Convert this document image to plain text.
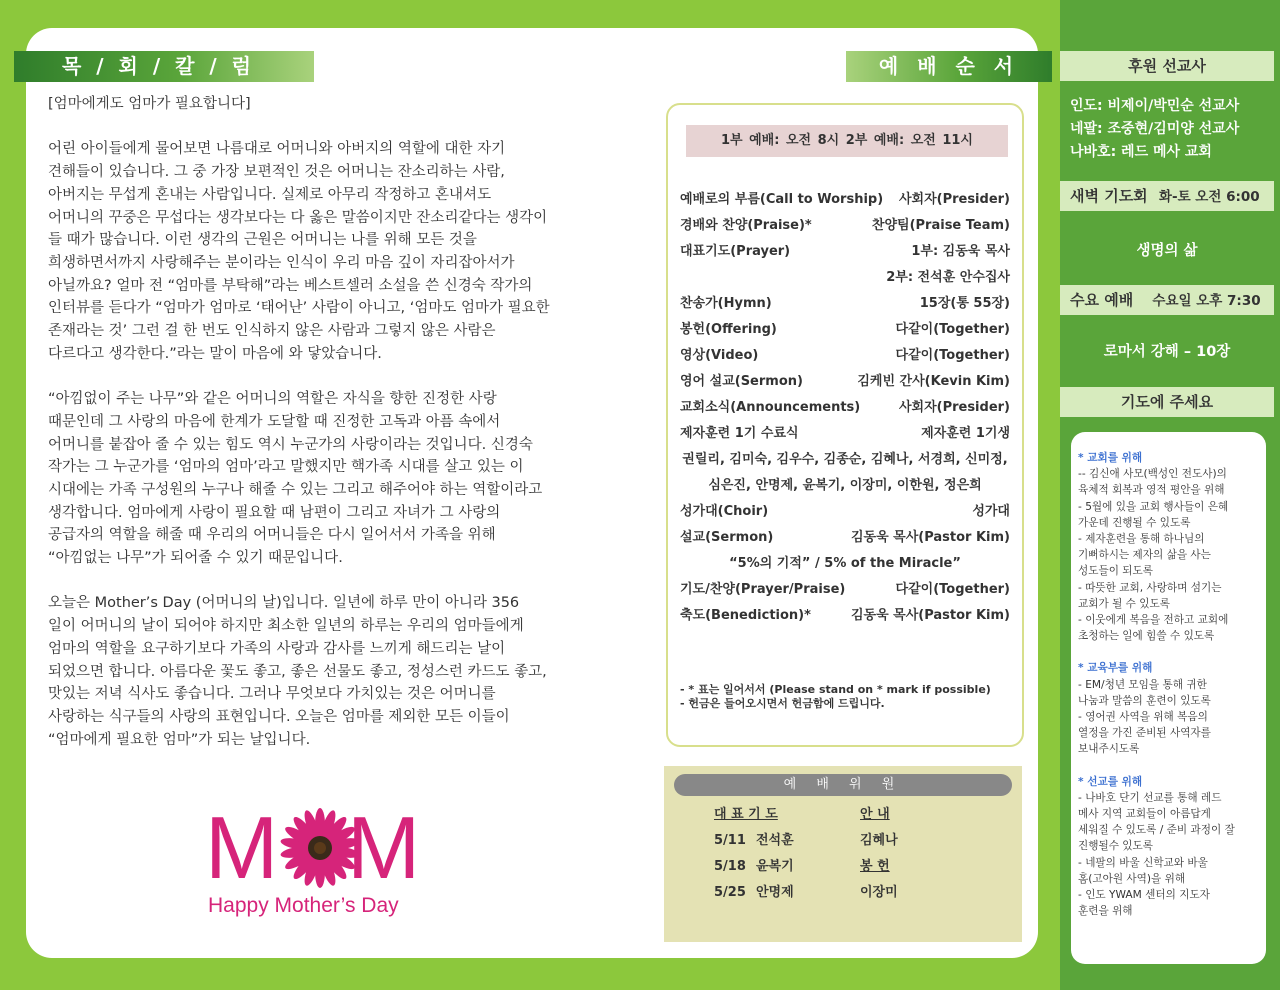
목 / 회 / 칼 / 럼

[엄마에게도 엄마가 필요합니다]

어린 아이들에게 물어보면 나름대로 어머니와 아버지의 역할에 대한 자기
견해들이 있습니다. 그 중 가장 보편적인 것은 어머니는 잔소리하는 사람,
아버지는 무섭게 혼내는 사람입니다. 실제로 아무리 작정하고 혼내셔도
어머니의 꾸중은 무섭다는 생각보다는 다 옳은 말씀이지만 잔소리같다는 생각이
들 때가 많습니다. 이런 생각의 근원은 어머니는 나를 위해 모든 것을
희생하면서까지 사랑해주는 분이라는 인식이 우리 마음 깊이 자리잡아서가
아닐까요? 얼마 전 “엄마를 부탁해”라는 베스트셀러 소설을 쓴 신경숙 작가의
인터뷰를 듣다가 “엄마가 엄마로 ‘태어난’ 사람이 아니고, ‘엄마도 엄마가 필요한
존재라는 것’ 그런 걸 한 번도 인식하지 않은 사람과 그렇지 않은 사람은
다르다고 생각한다.”라는 말이 마음에 와 닿았습니다.

“아낌없이 주는 나무”와 같은 어머니의 역할은 자식을 향한 진정한 사랑
때문인데 그 사랑의 마음에 한계가 도달할 때 진정한 고독과 아픔 속에서
어머니를 붙잡아 줄 수 있는 힘도 역시 누군가의 사랑이라는 것입니다. 신경숙
작가는 그 누군가를 ‘엄마의 엄마’라고 말했지만 핵가족 시대를 살고 있는 이
시대에는 가족 구성원의 누구나 해줄 수 있는 그리고 해주어야 하는 역할이라고
생각합니다. 엄마에게 사랑이 필요할 때 남편이 그리고 자녀가 그 사랑의
공급자의 역할을 해줄 때 우리의 어머니들은 다시 일어서서 가족을 위해
“아낌없는 나무”가 되어줄 수 있기 때문입니다.

오늘은 Mother’s Day (어머니의 날)입니다. 일년에 하루 만이 아니라 356
일이 어머니의 날이 되어야 하지만 최소한 일년의 하루는 우리의 엄마들에게
엄마의 역할을 요구하기보다 가족의 사랑과 감사를 느끼게 해드리는 날이
되었으면 합니다. 아름다운 꽃도 좋고, 좋은 선물도 좋고, 정성스런 카드도 좋고,
맛있는 저녁 식사도 좋습니다. 그러나 무엇보다 가치있는 것은 어머니를
사랑하는 식구들의 사랑의 표현입니다. 오늘은 엄마를 제외한 모든 이들이
“엄마에게 필요한 엄마”가 되는 날입니다.

M M
Happy Mother’s Day
예 배 순 서
1부 예배: 오전 8시 2부 예배: 오전 11시
예배로의 부름(Call to Worship) 사회자(Presider)
경배와 찬양(Praise)*	찬양팀(Praise Team)
대표기도(Prayer)	1부: 김동욱 목사
2부: 전석훈 안수집사
찬송가(Hymn)	15장(통 55장)
봉헌(Offering)	다같이(Together)
영상(Video)	다같이(Together)
영어 설교(Sermon)	김케빈 간사(Kevin Kim)
교회소식(Announcements)	사회자(Presider)
제자훈련 1기 수료식	제자훈련 1기생
권릴리, 김미숙, 김우수, 김종순, 김혜나, 서경희, 신미정,
심은진, 안명제, 윤복기, 이장미, 이한원, 정은희
성가대(Choir)	성가대
설교(Sermon)	김동욱 목사(Pastor Kim)
“5%의 기적” / 5% of the Miracle”
기도/찬양(Prayer/Praise)	다같이(Together)
축도(Benediction)*	김동욱 목사(Pastor Kim)
- * 표는 일어서서 (Please stand on * mark if possible)
- 헌금은 들어오시면서 헌금함에 드립니다.
예 배 위 원
대 표 기 도	안 내
5/11 전석훈	김혜나
5/18 윤복기	봉 헌
5/25 안명제	이장미
후원 선교사
인도: 비제이/박민순 선교사
네팔: 조중현/김미양 선교사
나바호: 레드 메사 교회
새벽 기도회 화-토 오전 6:00
생명의 삶
수요 예배 수요일 오후 7:30
로마서 강해 – 10장
기도에 주세요
* 교회를 위해
-- 김신애 사모(백성인 전도사)의
육체적 회복과 영적 평안을 위해
- 5월에 있을 교회 행사들이 은혜
가운데 진행될 수 있도록
- 제자훈련을 통해 하나님의
기뻐하시는 제자의 삶을 사는
성도들이 되도록
- 따뜻한 교회, 사랑하며 섬기는
교회가 될 수 있도록
- 이웃에게 복음을 전하고 교회에
초청하는 일에 힘쓸 수 있도록
* 교육부를 위해
- EM/청년 모임을 통해 귀한
나눔과 말씀의 훈련이 있도록
- 영어권 사역을 위해 복음의
열정을 가진 준비된 사역자를
보내주시도록
* 선교를 위해
- 나바호 단기 선교를 통해 레드
메사 지역 교회들이 아름답게
세워질 수 있도록 / 준비 과정이 잘
진행될수 있도록
- 네팔의 바울 신학교와 바울
홈(고아원 사역)을 위해
- 인도 YWAM 센터의 지도자
훈련을 위해
